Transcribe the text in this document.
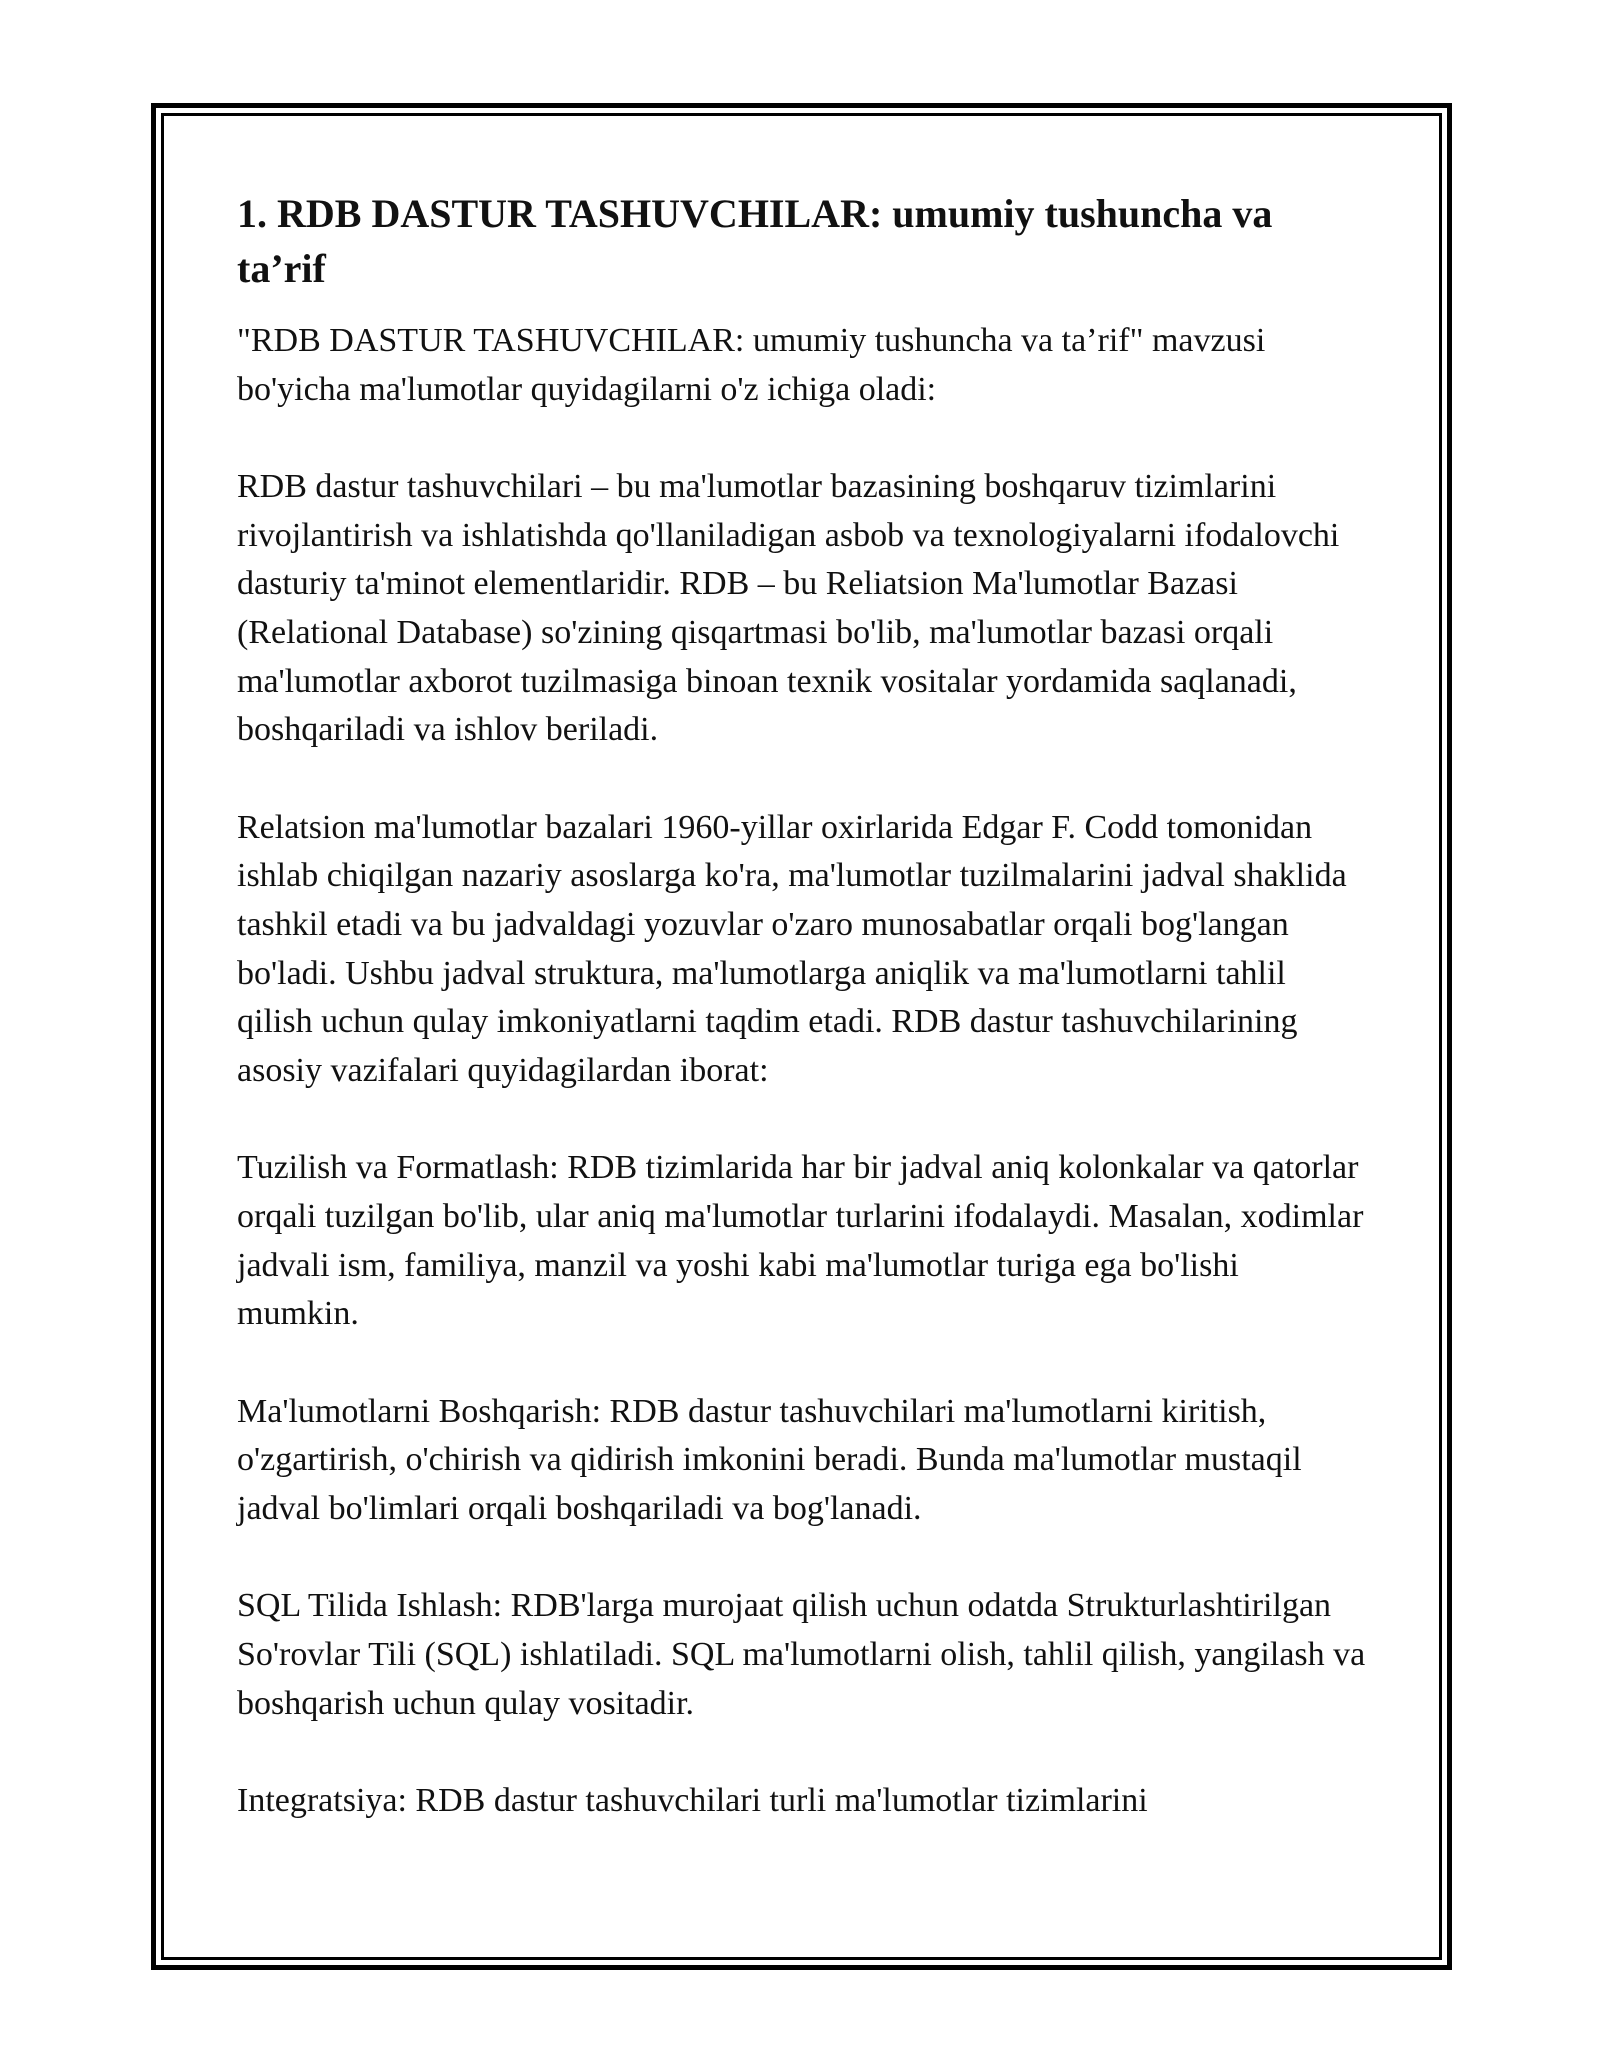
1. RDB DASTUR TASHUVCHILAR: umumiy tushuncha va ta’rif

"RDB DASTUR TASHUVCHILAR: umumiy tushuncha va ta’rif" mavzusi bo'yicha ma'lumotlar quyidagilarni o'z ichiga oladi:

RDB dastur tashuvchilari – bu ma'lumotlar bazasining boshqaruv tizimlarini rivojlantirish va ishlatishda qo'llaniladigan asbob va texnologiyalarni ifodalovchi dasturiy ta'minot elementlaridir. RDB – bu Reliatsion Ma'lumotlar Bazasi (Relational Database) so'zining qisqartmasi bo'lib, ma'lumotlar bazasi orqali ma'lumotlar axborot tuzilmasiga binoan texnik vositalar yordamida saqlanadi, boshqariladi va ishlov beriladi.

Relatsion ma'lumotlar bazalari 1960-yillar oxirlarida Edgar F. Codd tomonidan ishlab chiqilgan nazariy asoslarga ko'ra, ma'lumotlar tuzilmalarini jadval shaklida tashkil etadi va bu jadvaldagi yozuvlar o'zaro munosabatlar orqali bog'langan bo'ladi. Ushbu jadval struktura, ma'lumotlarga aniqlik va ma'lumotlarni tahlil qilish uchun qulay imkoniyatlarni taqdim etadi. RDB dastur tashuvchilarining asosiy vazifalari quyidagilardan iborat:

Tuzilish va Formatlash: RDB tizimlarida har bir jadval aniq kolonkalar va qatorlar orqali tuzilgan bo'lib, ular aniq ma'lumotlar turlarini ifodalaydi. Masalan, xodimlar jadvali ism, familiya, manzil va yoshi kabi ma'lumotlar turiga ega bo'lishi mumkin.

Ma'lumotlarni Boshqarish: RDB dastur tashuvchilari ma'lumotlarni kiritish, o'zgartirish, o'chirish va qidirish imkonini beradi. Bunda ma'lumotlar mustaqil jadval bo'limlari orqali boshqariladi va bog'lanadi.

SQL Tilida Ishlash: RDB'larga murojaat qilish uchun odatda Strukturlashtirilgan So'rovlar Tili (SQL) ishlatiladi. SQL ma'lumotlarni olish, tahlil qilish, yangilash va boshqarish uchun qulay vositadir.

Integratsiya: RDB dastur tashuvchilari turli ma'lumotlar tizimlarini
